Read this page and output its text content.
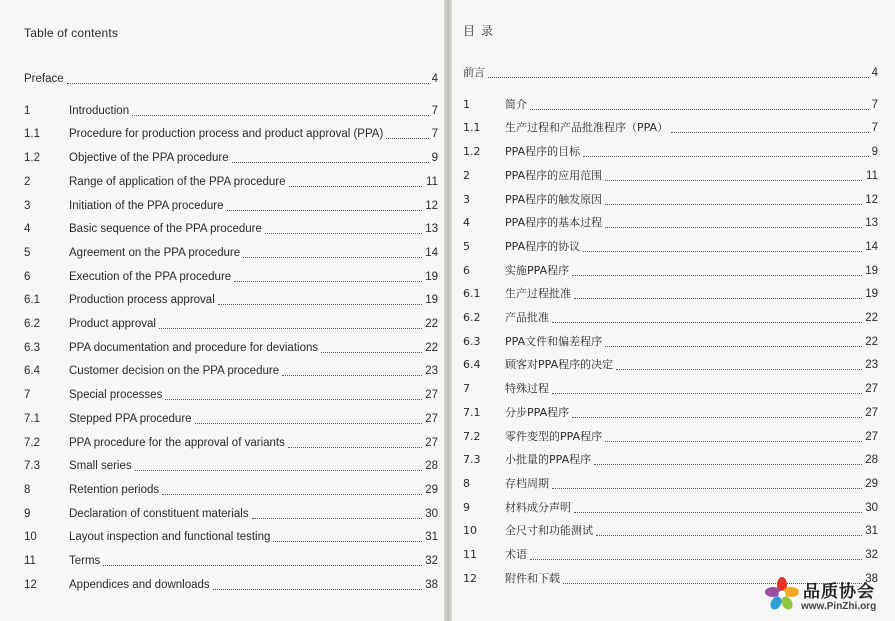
Table of contents
Preface	4
1	Introduction	7
1.1	Procedure for production process and product approval (PPA)	7
1.2	Objective of the PPA procedure	9
2	Range of application of the PPA procedure	11
3	Initiation of the PPA procedure	12
4	Basic sequence of the PPA procedure	13
5	Agreement on the PPA procedure	14
6	Execution of the PPA procedure	19
6.1	Production process approval	19
6.2	Product approval	22
6.3	PPA documentation and procedure for deviations	22
6.4	Customer decision on the PPA procedure	23
7	Special processes	27
7.1	Stepped PPA procedure	27
7.2	PPA procedure for the approval of variants	27
7.3	Small series	28
8	Retention periods	29
9	Declaration of constituent materials	30
10	Layout inspection and functional testing	31
11	Terms	32
12	Appendices and downloads	38
目录
前言	4
1	简介	7
1.1 生产过程和产品批准程序（PPA）	7
1.2 PPA程序的目标	9
2	PPA程序的应用范围	11
3	PPA程序的触发原因	12
4	PPA程序的基本过程	13
5	PPA程序的协议	14
6	实施PPA程序	19
6.1 生产过程批准	19
6.2 产品批准	22
6.3 PPA文件和偏差程序	22
6.4 顾客对PPA程序的决定	23
7	特殊过程	27
7.1 分步PPA程序	27
7.2 零件变型的PPA程序	27
7.3 小批量的PPA程序	28
8	存档周期	29
9	材料成分声明	30
10	全尺寸和功能测试	31
11	术语	32
12	附件和下载	38
品质协会
www.PinZhi.org
